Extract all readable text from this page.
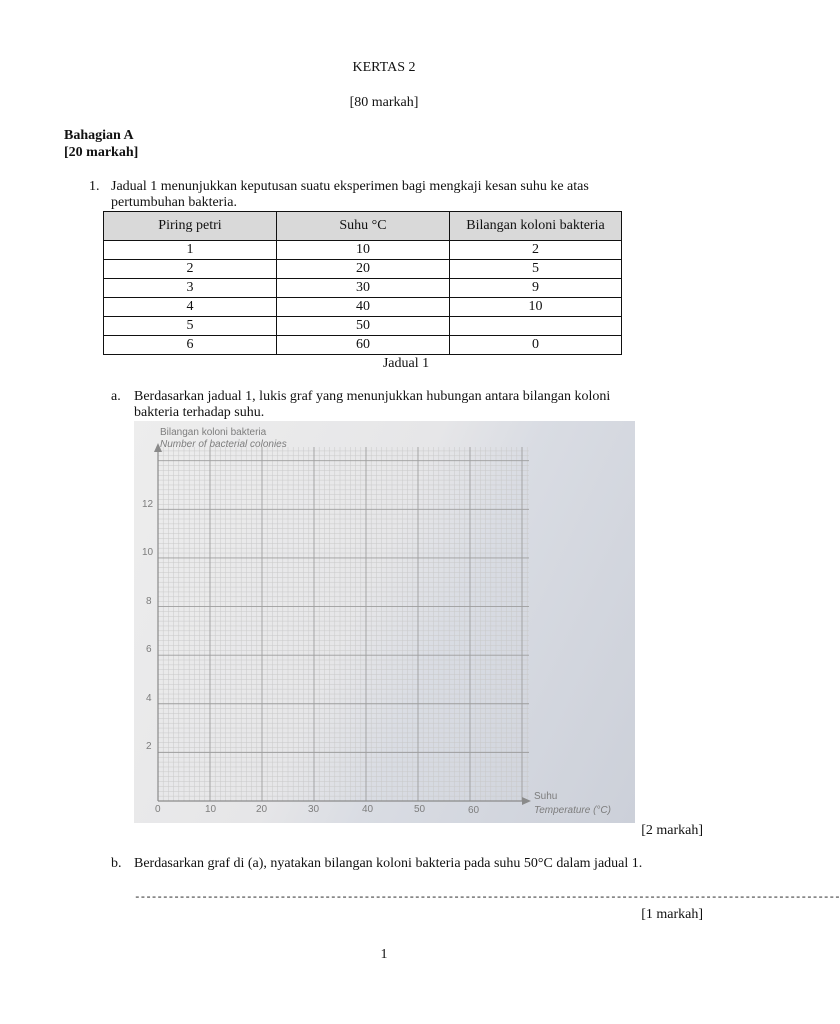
KERTAS 2
[80 markah]
Bahagian A
[20 markah]
1. Jadual 1 menunjukkan keputusan suatu eksperimen bagi mengkaji kesan suhu ke atas
pertumbuhan bakteria.
Piring petri	Suhu °C	Bilangan koloni bakteria
1	10	2
2	20	5
3	30	9
4	40	10
5	50	
6	60	0
Jadual 1
a. Berdasarkan jadual 1, lukis graf yang menunjukkan hubungan antara bilangan koloni
bakteria terhadap suhu.
Bilangan koloni bakteria
Number of bacterial colonies
Suhu
Temperature (°C)
12
10
8
6
4
2
0	10	20	30	40	50	60
[2 markah]
b. Berdasarkan graf di (a), nyatakan bilangan koloni bakteria pada suhu 50°C dalam jadual 1.
------------------------------------------------------------------------------------------------------------------------------
[1 markah]
1
